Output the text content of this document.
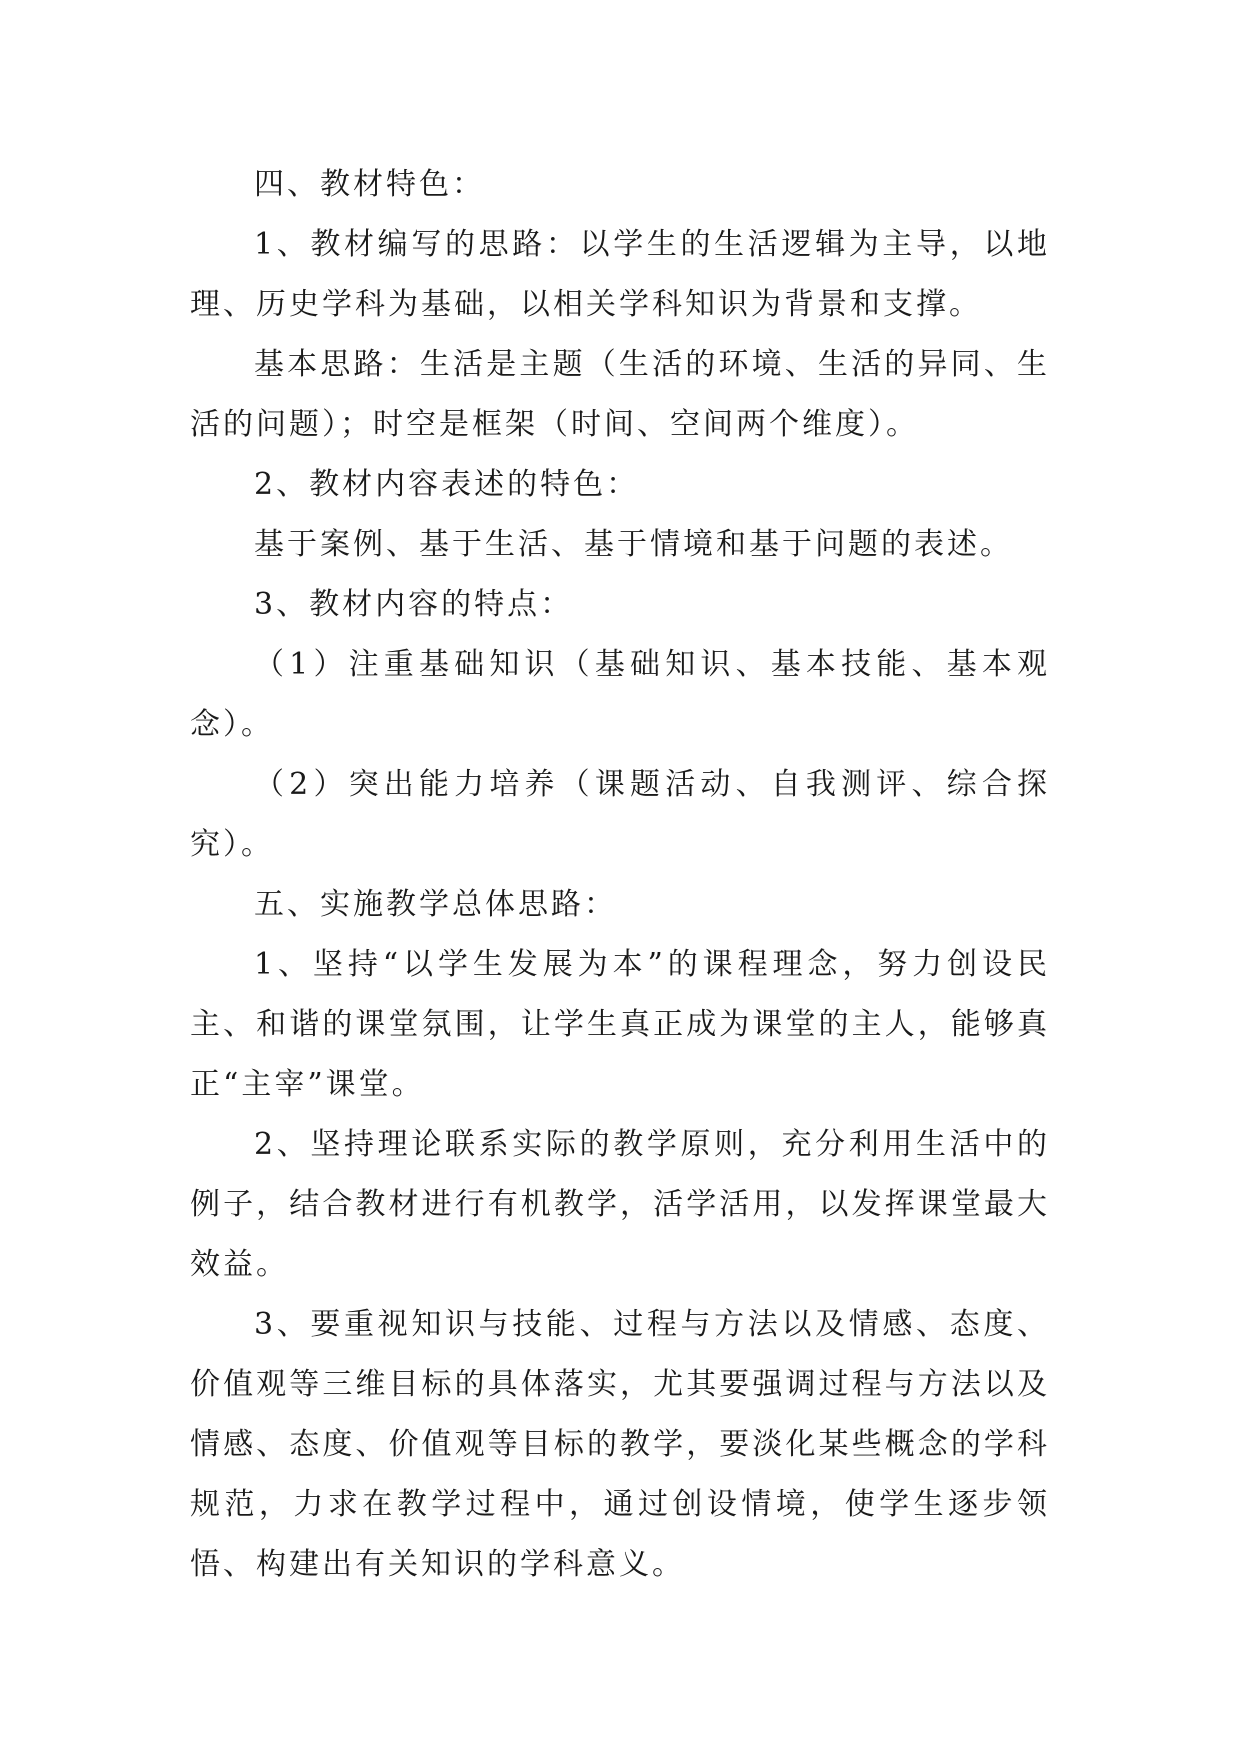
四、教材特色：

1、教材编写的思路：以学生的生活逻辑为主导，以地理、历史学科为基础，以相关学科知识为背景和支撑。

基本思路：生活是主题（生活的环境、生活的异同、生活的问题）；时空是框架（时间、空间两个维度）。

2、教材内容表述的特色：

基于案例、基于生活、基于情境和基于问题的表述。

3、教材内容的特点：

（1）注重基础知识（基础知识、基本技能、基本观念）。

（2）突出能力培养（课题活动、自我测评、综合探究）。

五、实施教学总体思路：

1、坚持“以学生发展为本”的课程理念，努力创设民主、和谐的课堂氛围，让学生真正成为课堂的主人，能够真正“主宰”课堂。

2、坚持理论联系实际的教学原则，充分利用生活中的例子，结合教材进行有机教学，活学活用，以发挥课堂最大效益。

3、要重视知识与技能、过程与方法以及情感、态度、价值观等三维目标的具体落实，尤其要强调过程与方法以及情感、态度、价值观等目标的教学，要淡化某些概念的学科规范，力求在教学过程中，通过创设情境，使学生逐步领悟、构建出有关知识的学科意义。
